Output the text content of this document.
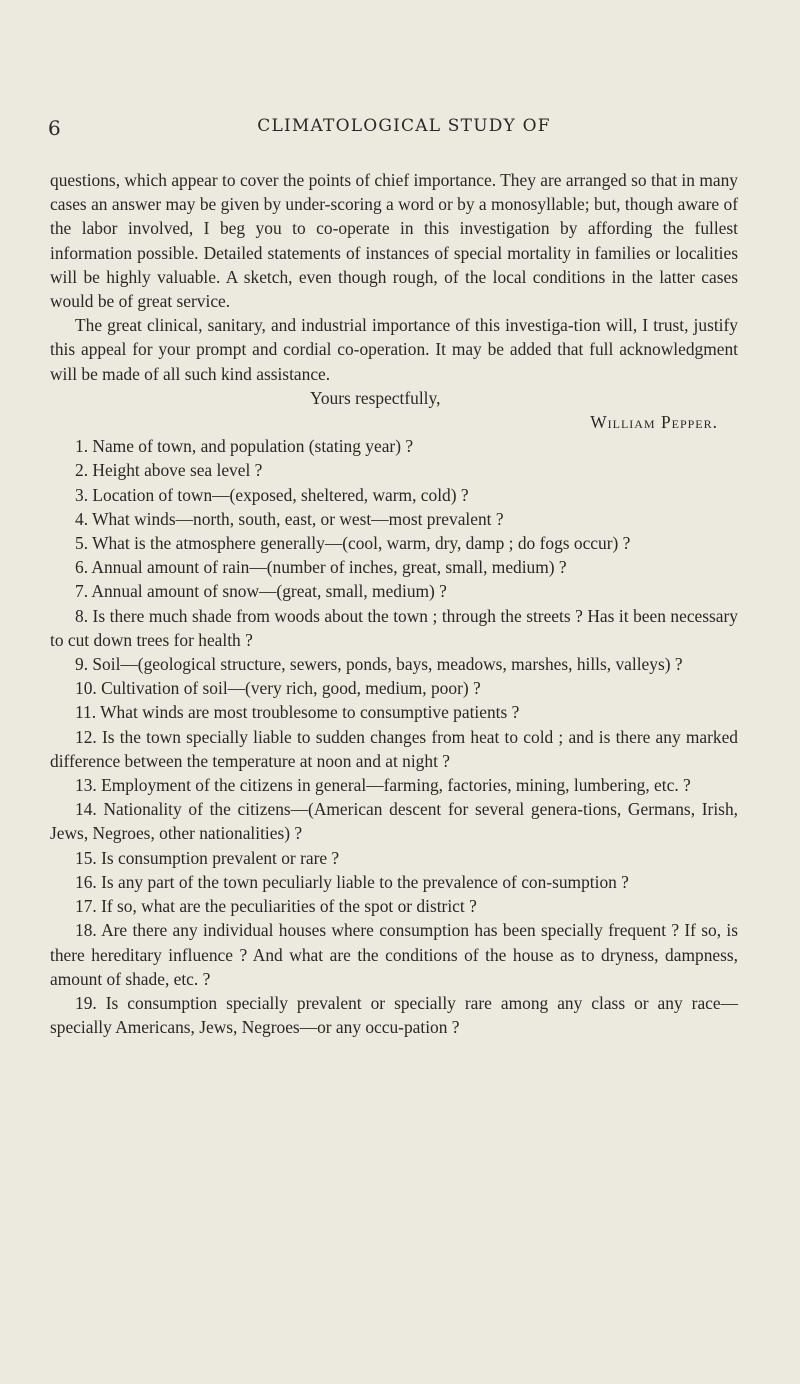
6	CLIMATOLOGICAL STUDY OF

questions, which appear to cover the points of chief importance. They are arranged so that in many cases an answer may be given by under-scoring a word or by a monosyllable; but, though aware of the labor involved, I beg you to co-operate in this investigation by affording the fullest information possible. Detailed statements of instances of special mortality in families or localities will be highly valuable. A sketch, even though rough, of the local conditions in the latter cases would be of great service.

The great clinical, sanitary, and industrial importance of this investiga-tion will, I trust, justify this appeal for your prompt and cordial co-operation. It may be added that full acknowledgment will be made of all such kind assistance.

Yours respectfully,

William Pepper.

1. Name of town, and population (stating year) ?

2. Height above sea level ?

3. Location of town—(exposed, sheltered, warm, cold) ?

4. What winds—north, south, east, or west—most prevalent ?

5. What is the atmosphere generally—(cool, warm, dry, damp ; do fogs occur) ?

6. Annual amount of rain—(number of inches, great, small, medium) ?

7. Annual amount of snow—(great, small, medium) ?

8. Is there much shade from woods about the town ; through the streets ? Has it been necessary to cut down trees for health ?

9. Soil—(geological structure, sewers, ponds, bays, meadows, marshes, hills, valleys) ?

10. Cultivation of soil—(very rich, good, medium, poor) ?

11. What winds are most troublesome to consumptive patients ?

12. Is the town specially liable to sudden changes from heat to cold ; and is there any marked difference between the temperature at noon and at night ?

13. Employment of the citizens in general—farming, factories, mining, lumbering, etc. ?

14. Nationality of the citizens—(American descent for several genera-tions, Germans, Irish, Jews, Negroes, other nationalities) ?

15. Is consumption prevalent or rare ?

16. Is any part of the town peculiarly liable to the prevalence of con-sumption ?

17. If so, what are the peculiarities of the spot or district ?

18. Are there any individual houses where consumption has been specially frequent ? If so, is there hereditary influence ? And what are the conditions of the house as to dryness, dampness, amount of shade, etc. ?

19. Is consumption specially prevalent or specially rare among any class or any race—specially Americans, Jews, Negroes—or any occu-pation ?
